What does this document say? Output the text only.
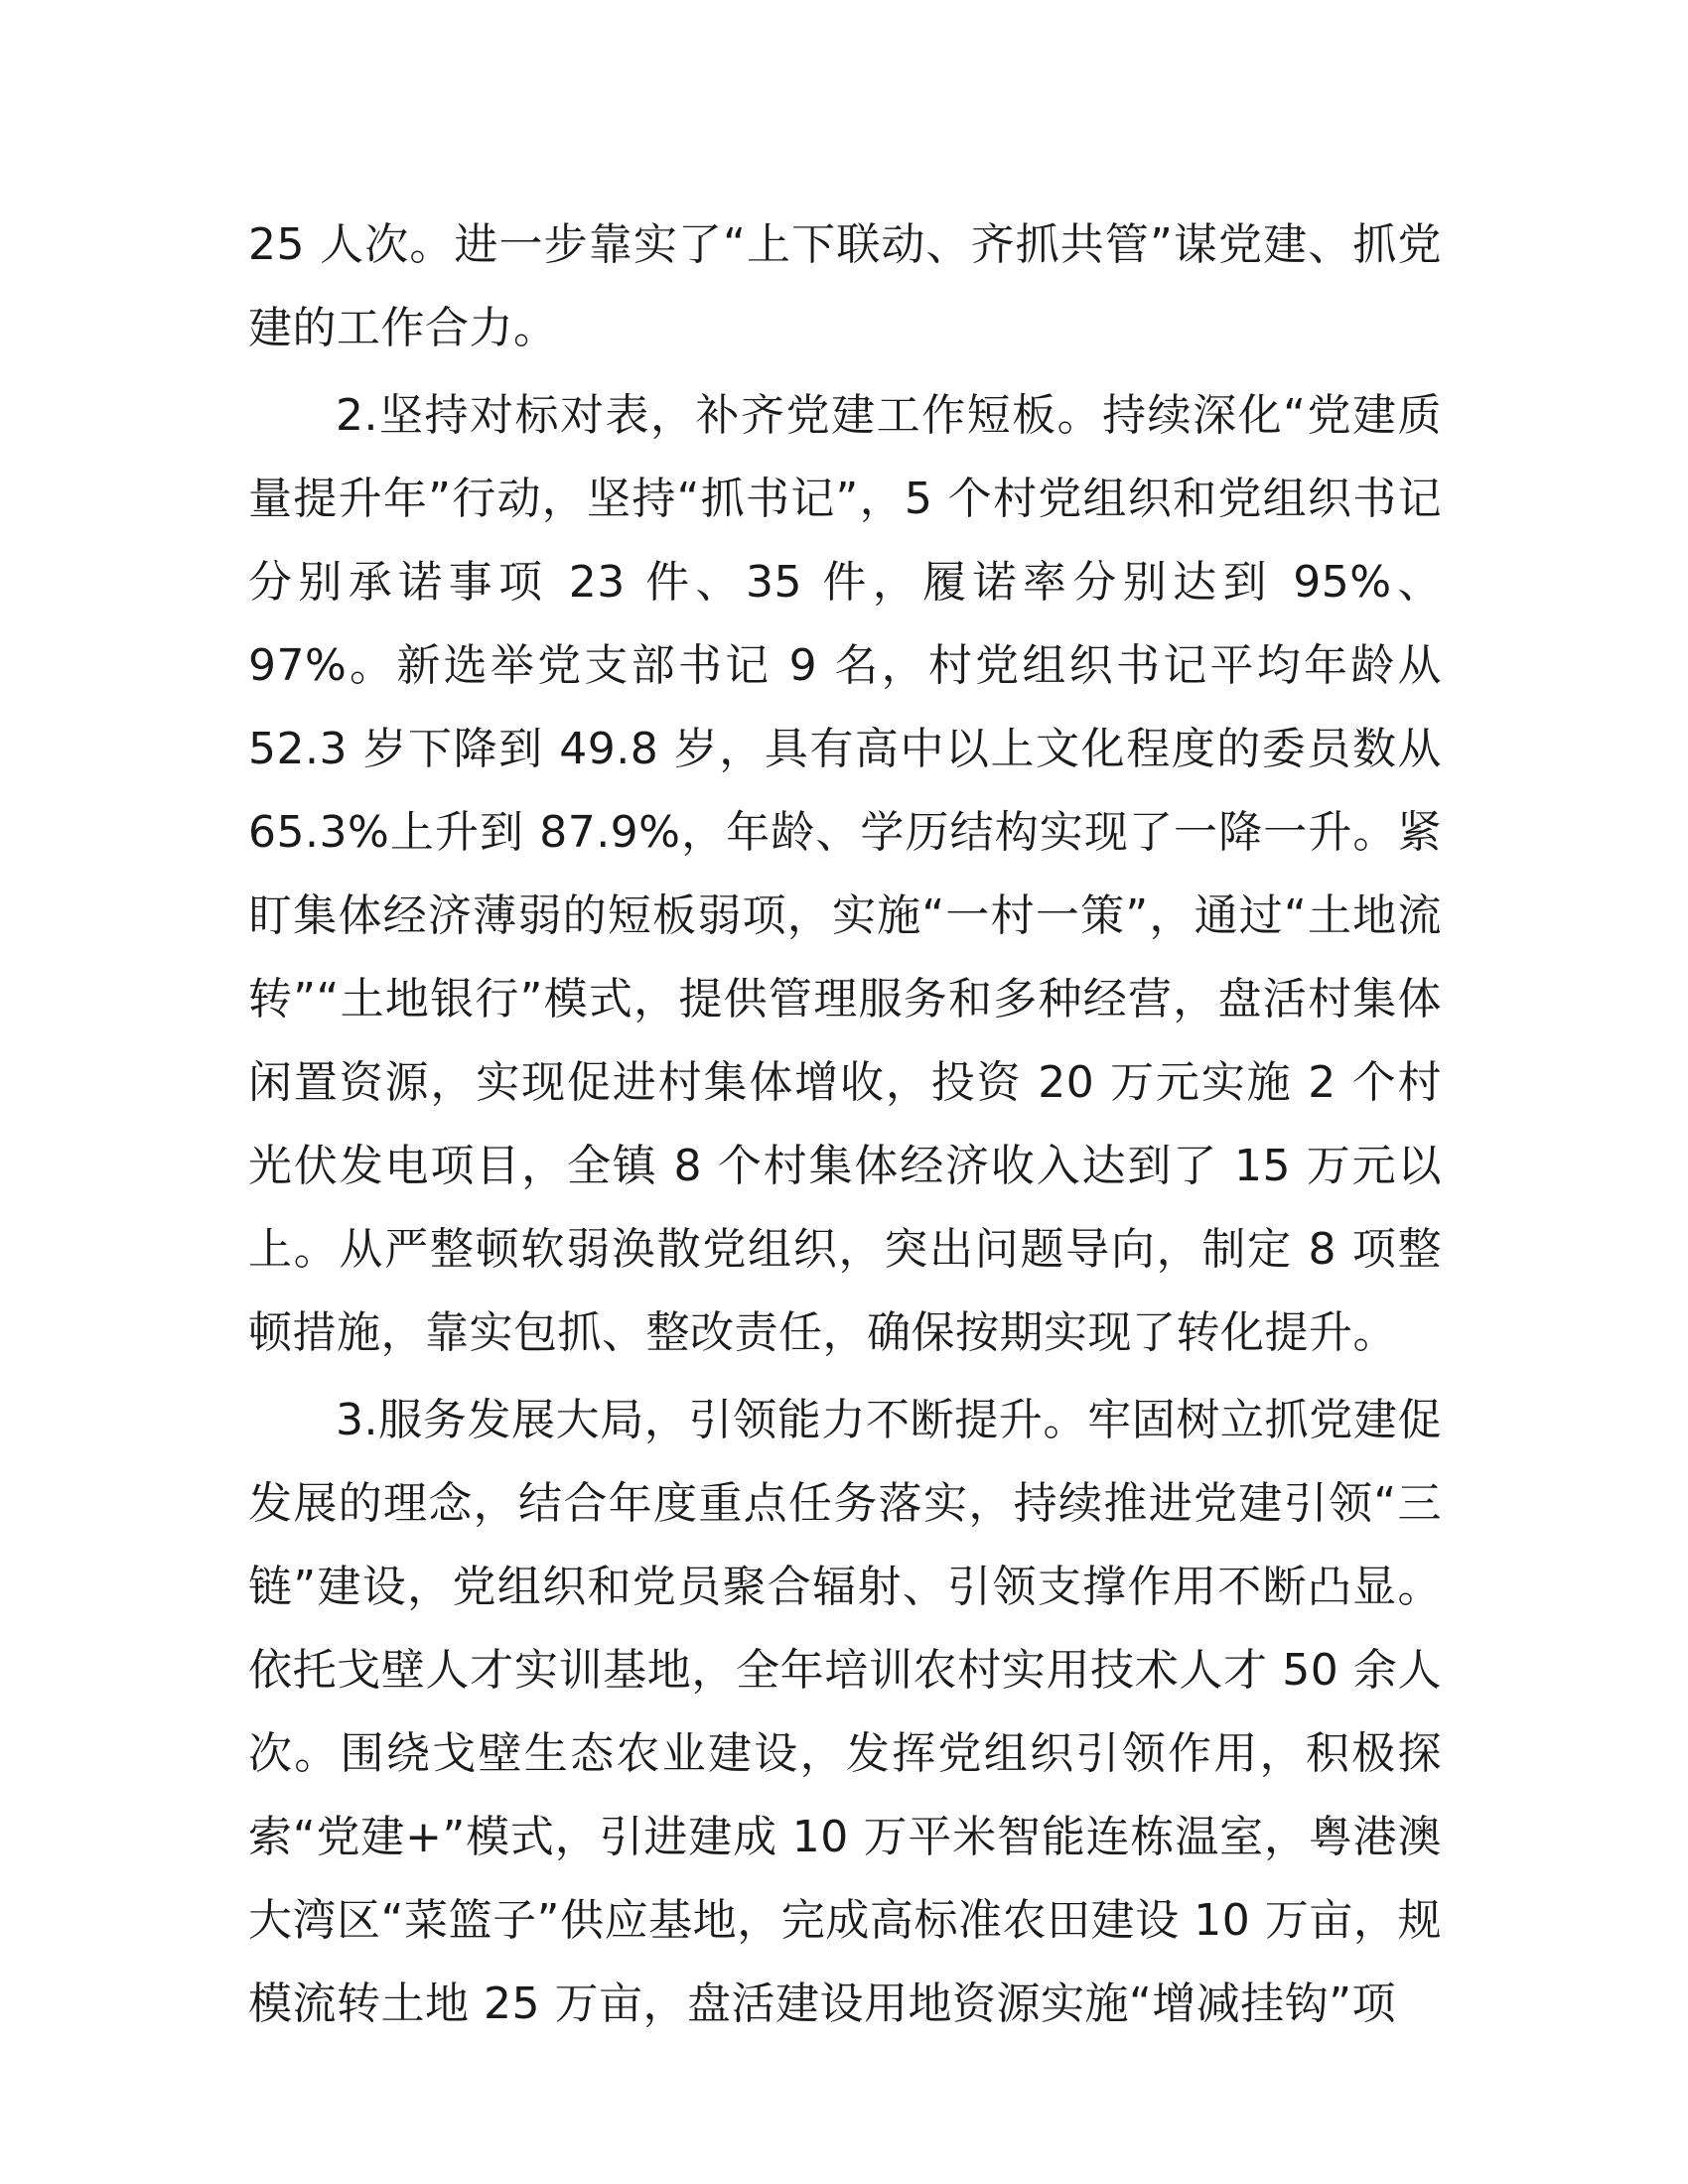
25 人次。进一步靠实了“上下联动、齐抓共管”谋党建、抓党建的工作合力。

2.坚持对标对表，补齐党建工作短板。持续深化“党建质量提升年”行动，坚持“抓书记”，5 个村党组织和党组织书记分别承诺事项 23 件、35 件，履诺率分别达到 95%、97%。新选举党支部书记 9 名，村党组织书记平均年龄从 52.3 岁下降到 49.8 岁，具有高中以上文化程度的委员数从 65.3%上升到 87.9%，年龄、学历结构实现了一降一升。紧盯集体经济薄弱的短板弱项，实施“一村一策”，通过“土地流转”“土地银行”模式，提供管理服务和多种经营，盘活村集体闲置资源，实现促进村集体增收，投资 20 万元实施 2 个村光伏发电项目，全镇 8 个村集体经济收入达到了 15 万元以上。从严整顿软弱涣散党组织，突出问题导向，制定 8 项整顿措施，靠实包抓、整改责任，确保按期实现了转化提升。

3.服务发展大局，引领能力不断提升。牢固树立抓党建促发展的理念，结合年度重点任务落实，持续推进党建引领“三链”建设，党组织和党员聚合辐射、引领支撑作用不断凸显。依托戈壁人才实训基地，全年培训农村实用技术人才 50 余人次。围绕戈壁生态农业建设，发挥党组织引领作用，积极探索“党建+”模式，引进建成 10 万平米智能连栋温室，粤港澳大湾区“菜篮子”供应基地，完成高标准农田建设 10 万亩，规模流转土地 25 万亩，盘活建设用地资源实施“增减挂钩”项
